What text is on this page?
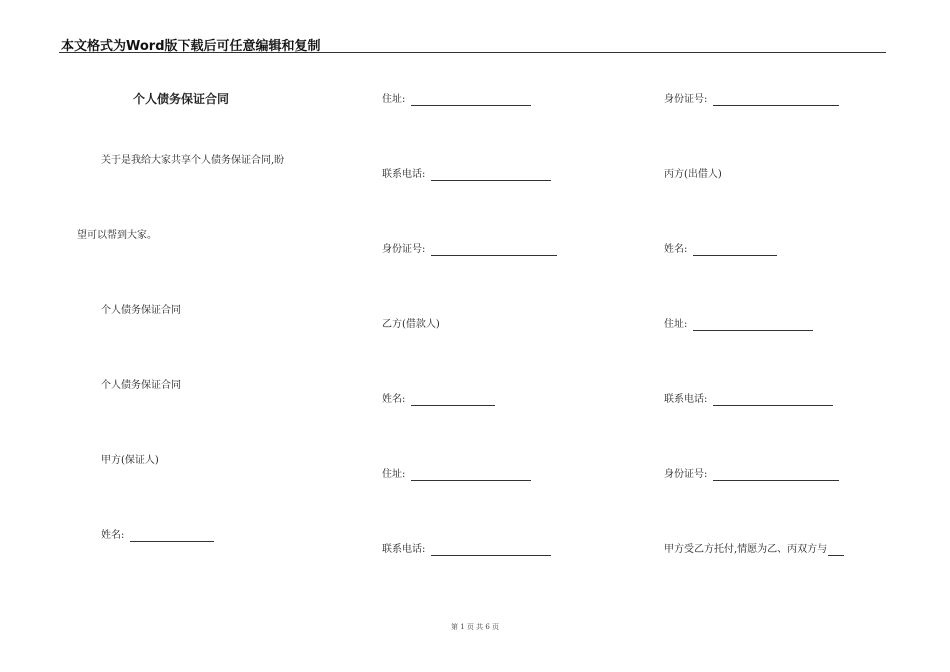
本文格式为Word版下载后可任意编辑和复制
个人债务保证合同
关于是我给大家共享个人债务保证合同,盼
望可以帮到大家。
个人债务保证合同
个人债务保证合同
甲方(保证人)
姓名:
住址:
联系电话:
身份证号:
乙方(借款人)
姓名:
住址:
联系电话:
身份证号:
丙方(出借人)
姓名:
住址:
联系电话:
身份证号:
甲方受乙方托付,情愿为乙、丙双方与
第 1 页 共 6 页
